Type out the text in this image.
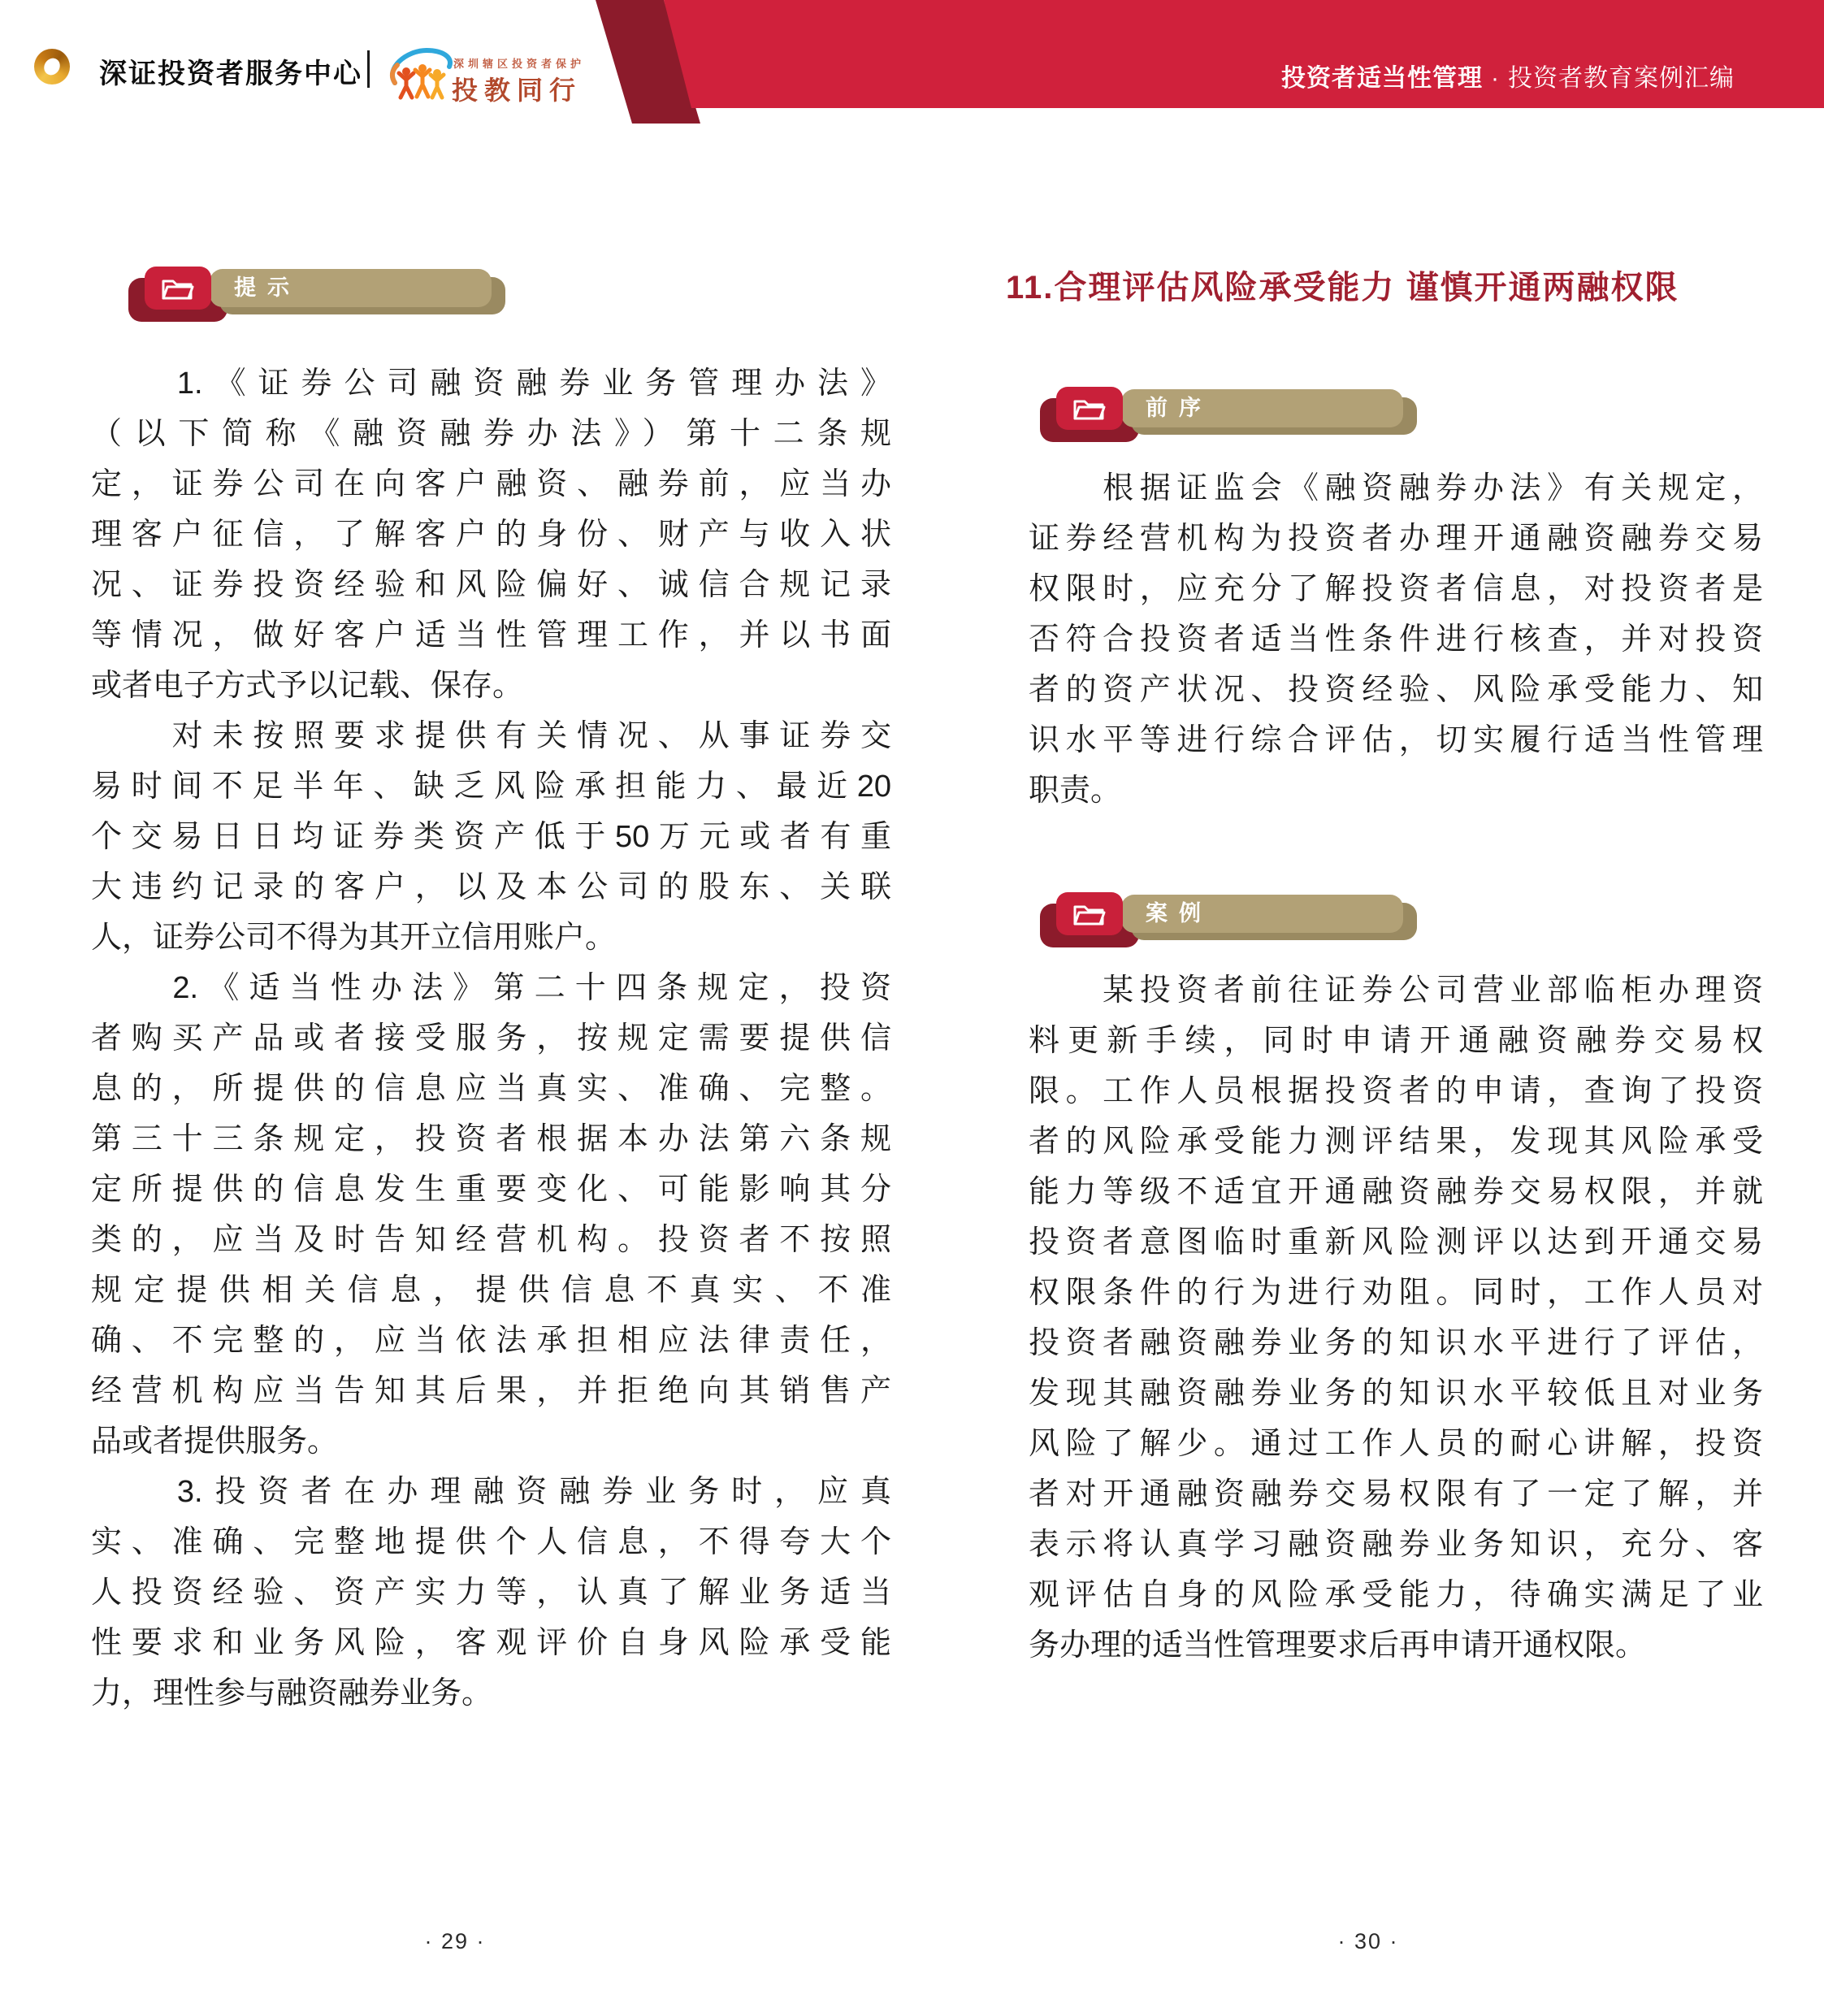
深证投资者服务中心	深圳辖区投资者保护
投教同行	投资者适当性管理 · 投资者教育案例汇编
提示
　　1.《证券公司融资融券业务管理办法》
（以下简称《融资融券办法》）第十二条规
定，证券公司在向客户融资、融券前，应当办
理客户征信，了解客户的身份、财产与收入状
况、证券投资经验和风险偏好、诚信合规记录
等情况，做好客户适当性管理工作，并以书面
或者电子方式予以记载、保存。
　　对未按照要求提供有关情况、从事证券交
易时间不足半年、缺乏风险承担能力、最近20
个交易日日均证券类资产低于50万元或者有重
大违约记录的客户，以及本公司的股东、关联
人，证券公司不得为其开立信用账户。
　　2.《适当性办法》第二十四条规定，投资
者购买产品或者接受服务，按规定需要提供信
息的，所提供的信息应当真实、准确、完整。
第三十三条规定，投资者根据本办法第六条规
定所提供的信息发生重要变化、可能影响其分
类的，应当及时告知经营机构。投资者不按照
规定提供相关信息，提供信息不真实、不准
确、不完整的，应当依法承担相应法律责任，
经营机构应当告知其后果，并拒绝向其销售产
品或者提供服务。
　　3.投资者在办理融资融券业务时，应真
实、准确、完整地提供个人信息，不得夸大个
人投资经验、资产实力等，认真了解业务适当
性要求和业务风险，客观评价自身风险承受能
力，理性参与融资融券业务。
11.合理评估风险承受能力 谨慎开通两融权限
前序
　　根据证监会《融资融券办法》有关规定，
证券经营机构为投资者办理开通融资融券交易
权限时，应充分了解投资者信息，对投资者是
否符合投资者适当性条件进行核查，并对投资
者的资产状况、投资经验、风险承受能力、知
识水平等进行综合评估，切实履行适当性管理
职责。
案例
　　某投资者前往证券公司营业部临柜办理资
料更新手续，同时申请开通融资融券交易权
限。工作人员根据投资者的申请，查询了投资
者的风险承受能力测评结果，发现其风险承受
能力等级不适宜开通融资融券交易权限，并就
投资者意图临时重新风险测评以达到开通交易
权限条件的行为进行劝阻。同时，工作人员对
投资者融资融券业务的知识水平进行了评估，
发现其融资融券业务的知识水平较低且对业务
风险了解少。通过工作人员的耐心讲解，投资
者对开通融资融券交易权限有了一定了解，并
表示将认真学习融资融券业务知识，充分、客
观评估自身的风险承受能力，待确实满足了业
务办理的适当性管理要求后再申请开通权限。
· 29 ·	· 30 ·
